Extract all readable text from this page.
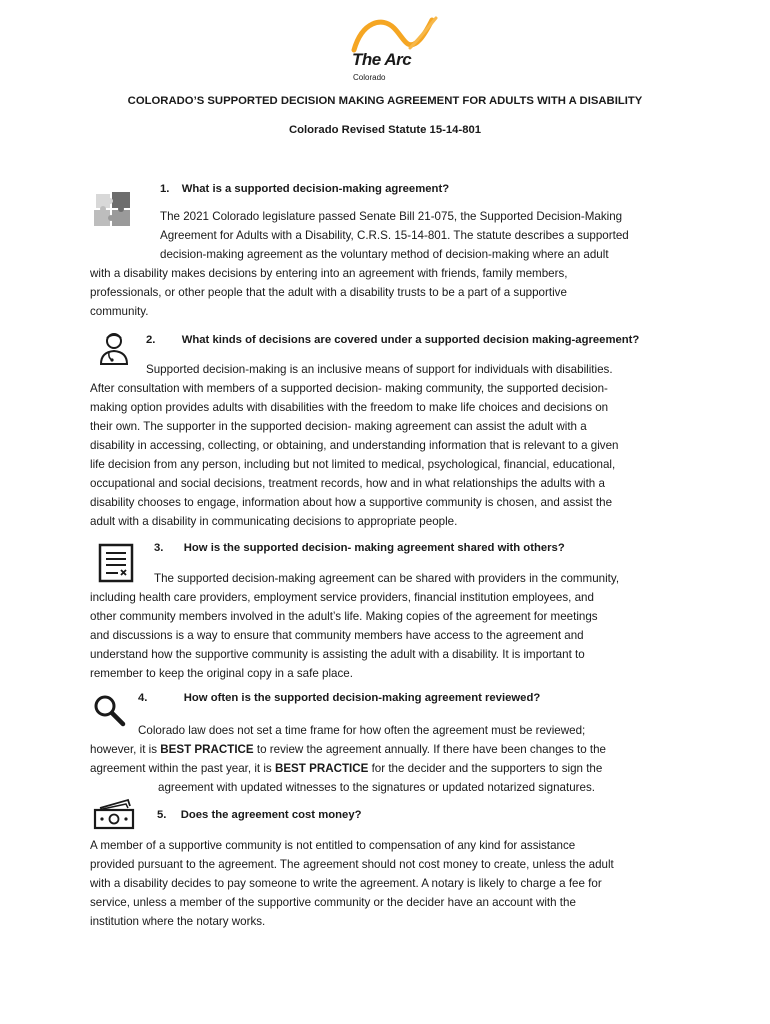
The Arc
Colorado
COLORADO’S SUPPORTED DECISION MAKING AGREEMENT FOR ADULTS WITH A DISABILITY
Colorado Revised Statute 15-14-801
1. What is a supported decision-making agreement?
The 2021 Colorado legislature passed Senate Bill 21-075, the Supported Decision-Making
Agreement for Adults with a Disability, C.R.S. 15-14-801. The statute describes a supported
decision-making agreement as the voluntary method of decision-making where an adult
with a disability makes decisions by entering into an agreement with friends, family members,
professionals, or other people that the adult with a disability trusts to be a part of a supportive
community.
2. What kinds of decisions are covered under a supported decision making-agreement?
Supported decision-making is an inclusive means of support for individuals with disabilities.
After consultation with members of a supported decision- making community, the supported decision-
making option provides adults with disabilities with the freedom to make life choices and decisions on
their own. The supporter in the supported decision- making agreement can assist the adult with a
disability in accessing, collecting, or obtaining, and understanding information that is relevant to a given
life decision from any person, including but not limited to medical, psychological, financial, educational,
occupational and social decisions, treatment records, how and in what relationships the adults with a
disability chooses to engage, information about how a supportive community is chosen, and assist the
adult with a disability in communicating decisions to appropriate people.
3. How is the supported decision- making agreement shared with others?
The supported decision-making agreement can be shared with providers in the community,
including health care providers, employment service providers, financial institution employees, and
other community members involved in the adult’s life. Making copies of the agreement for meetings
and discussions is a way to ensure that community members have access to the agreement and
understand how the supportive community is assisting the adult with a disability. It is important to
remember to keep the original copy in a safe place.
4.	How often is the supported decision-making agreement reviewed?
Colorado law does not set a time frame for how often the agreement must be reviewed;
however, it is BEST PRACTICE to review the agreement annually. If there have been changes to the
agreement within the past year, it is BEST PRACTICE for the decider and the supporters to sign the
agreement with updated witnesses to the signatures or updated notarized signatures.
5. Does the agreement cost money?
A member of a supportive community is not entitled to compensation of any kind for assistance
provided pursuant to the agreement. The agreement should not cost money to create, unless the adult
with a disability decides to pay someone to write the agreement. A notary is likely to charge a fee for
service, unless a member of the supportive community or the decider have an account with the
institution where the notary works.
